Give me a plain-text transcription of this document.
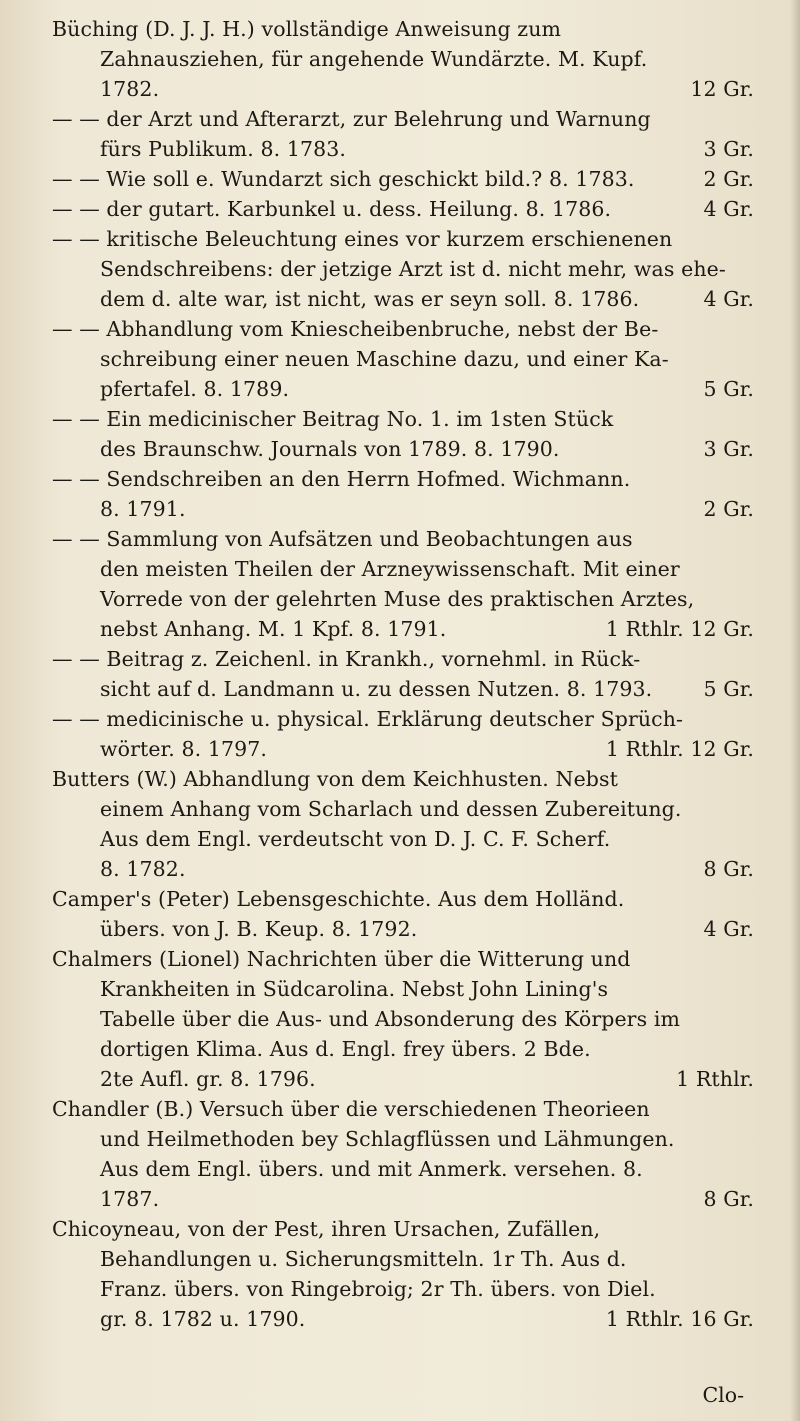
Büching (D. J. J. H.) vollständige Anweisung zum
Zahnausziehen, für angehende Wundärzte. M. Kupf.
1782.	12 Gr.
— — der Arzt und Afterarzt, zur Belehrung und Warnung
fürs Publikum. 8. 1783.	3 Gr.
— — Wie soll e. Wundarzt sich geschickt bild.? 8. 1783.	2 Gr.
— — der gutart. Karbunkel u. dess. Heilung. 8. 1786.	4 Gr.
— — kritische Beleuchtung eines vor kurzem erschienenen
Sendschreibens: der jetzige Arzt ist d. nicht mehr, was ehe-
dem d. alte war, ist nicht, was er seyn soll. 8. 1786.	4 Gr.
— — Abhandlung vom Kniescheibenbruche, nebst der Be-
schreibung einer neuen Maschine dazu, und einer Ka-
pfertafel. 8. 1789.	5 Gr.
— — Ein medicinischer Beitrag No. 1. im 1sten Stück
des Braunschw. Journals von 1789. 8. 1790.	3 Gr.
— — Sendschreiben an den Herrn Hofmed. Wichmann.
8. 1791.	2 Gr.
— — Sammlung von Aufsätzen und Beobachtungen aus
den meisten Theilen der Arzneywissenschaft. Mit einer
Vorrede von der gelehrten Muse des praktischen Arztes,
nebst Anhang. M. 1 Kpf. 8. 1791.	1 Rthlr. 12 Gr.
— — Beitrag z. Zeichenl. in Krankh., vornehml. in Rück-
sicht auf d. Landmann u. zu dessen Nutzen. 8. 1793.	5 Gr.
— — medicinische u. physical. Erklärung deutscher Sprüch-
wörter. 8. 1797.	1 Rthlr. 12 Gr.
Butters (W.) Abhandlung von dem Keichhusten. Nebst
einem Anhang vom Scharlach und dessen Zubereitung.
Aus dem Engl. verdeutscht von D. J. C. F. Scherf.
8. 1782.	8 Gr.
Camper's (Peter) Lebensgeschichte. Aus dem Holländ.
übers. von J. B. Keup. 8. 1792.	4 Gr.
Chalmers (Lionel) Nachrichten über die Witterung und
Krankheiten in Südcarolina. Nebst John Lining's
Tabelle über die Aus- und Absonderung des Körpers im
dortigen Klima. Aus d. Engl. frey übers. 2 Bde.
2te Aufl. gr. 8. 1796.	1 Rthlr.
Chandler (B.) Versuch über die verschiedenen Theorieen
und Heilmethoden bey Schlagflüssen und Lähmungen.
Aus dem Engl. übers. und mit Anmerk. versehen. 8.
1787.	8 Gr.
Chicoyneau, von der Pest, ihren Ursachen, Zufällen,
Behandlungen u. Sicherungsmitteln. 1r Th. Aus d.
Franz. übers. von Ringebroig; 2r Th. übers. von Diel.
gr. 8. 1782 u. 1790.	1 Rthlr. 16 Gr.
Clo-
